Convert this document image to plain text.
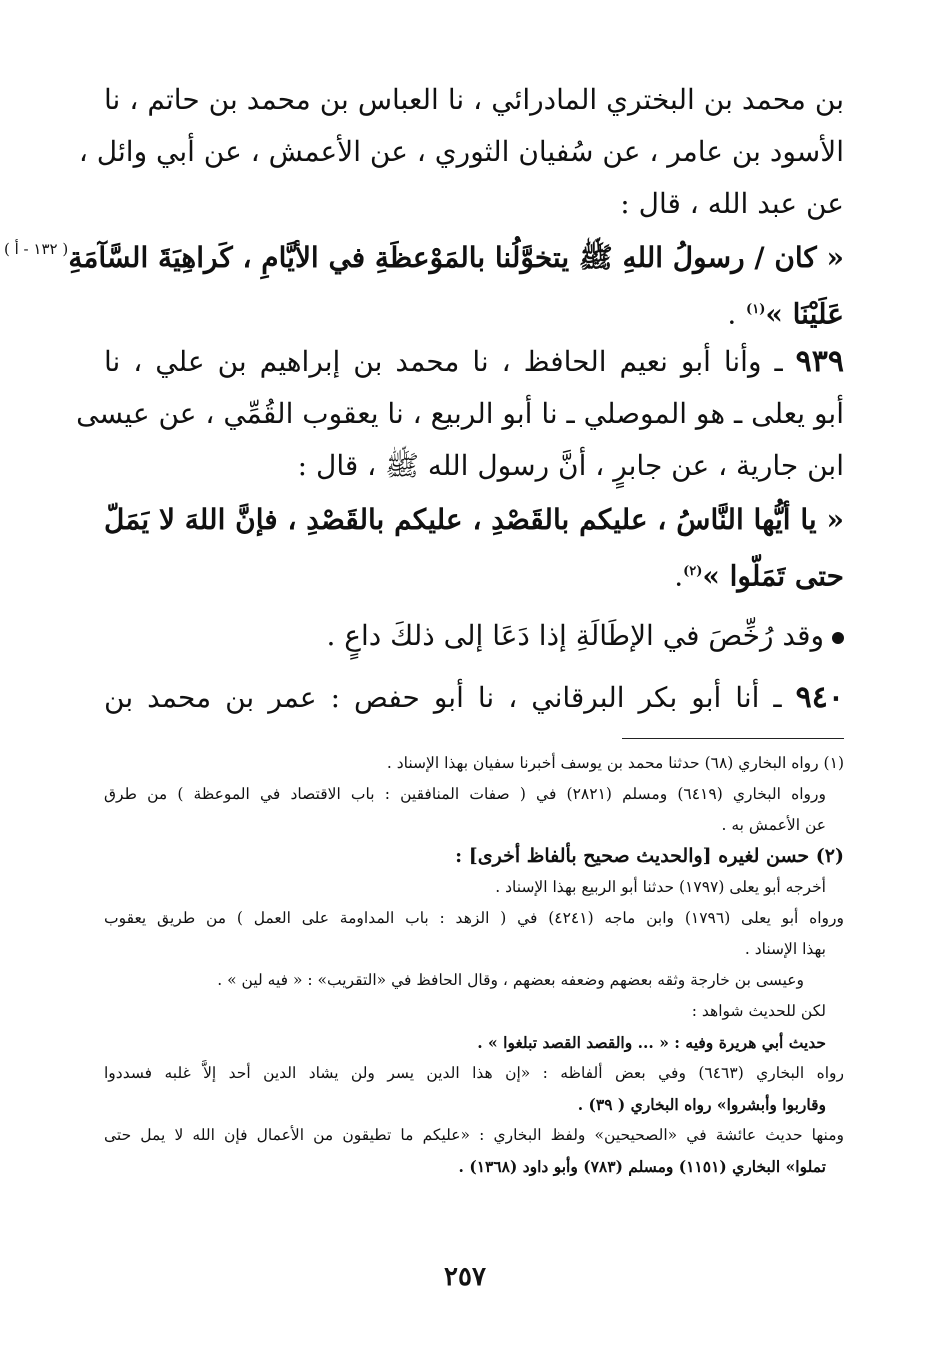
بن محمد بن البختري المادرائي ، نا العباس بن محمد بن حاتم ، نا
الأسود بن عامر ، عن سُفيان الثوري ، عن الأعمش ، عن أبي وائل ،
عن عبد الله ، قال :
« كان / رسولُ اللهِ ﷺ يتخوَّلُنا بالمَوْعظَةِ في الأيَّامِ ، كَراهِيَةَ السَّآمَةِ
عَلَيْنَا »$^{(١)}$ .
( ١٣٢ - أ )
٩٣٩ ـ وأنا أبو نعيم الحافظ ، نا محمد بن إبراهيم بن علي ، نا
أبو يعلى ـ هو الموصلي ـ نا أبو الربيع ، نا يعقوب القُمِّي ، عن عيسى
ابن جارية ، عن جابرٍ ، أنَّ رسول الله ﷺ ، قال :
« يا أيُّها النَّاسُ ، عليكم بالقَصْدِ ، عليكم بالقَصْدِ ، فإنَّ اللهَ لا يَمَلّ
حتى تَمَلّوا »$^{(٢)}$.
وقد رُخِّصَ في الإطَالَةِ إذا دَعَا إلى ذلكَ داعٍ .
٩٤٠ ـ أنا أبو بكر البرقاني ، نا أبو حفص : عمر بن محمد بن
(١) رواه البخاري (٦٨) حدثنا محمد بن يوسف أخبرنا سفيان بهذا الإسناد .
ورواه البخاري (٦٤١٩) ومسلم (٢٨٢١) في ( صفات المنافقين : باب الاقتصاد في الموعظة ) من طرق
عن الأعمش به .
(٢) حسن لغيره [والحديث صحيح بألفاظ أخرى] :
أخرجه أبو يعلى (١٧٩٧) حدثنا أبو الربيع بهذا الإسناد .
ورواه أبو يعلى (١٧٩٦) وابن ماجه (٤٢٤١) في ( الزهد : باب المداومة على العمل ) من طريق يعقوب
بهذا الإسناد .
وعيسى بن خارجة وثقه بعضهم وضعفه بعضهم ، وقال الحافظ في «التقريب» : « فيه لين » .
لكن للحديث شواهد :
حديث أبي هريرة وفيه : « ... والقصد القصد تبلغوا » .
رواه البخاري (٦٤٦٣) وفي بعض ألفاظه : «إن هذا الدين يسر ولن يشاد الدين أحد إلاَّ غلبه فسددوا
وقاربوا وأبشروا» رواه البخاري ( ٣٩) .
ومنها حديث عائشة في «الصحيحين» ولفظ البخاري : «عليكم ما تطيقون من الأعمال فإن الله لا يمل حتى
تملوا» البخاري (١١٥١) ومسلم (٧٨٣) وأبو داود (١٣٦٨) .
٢٥٧
